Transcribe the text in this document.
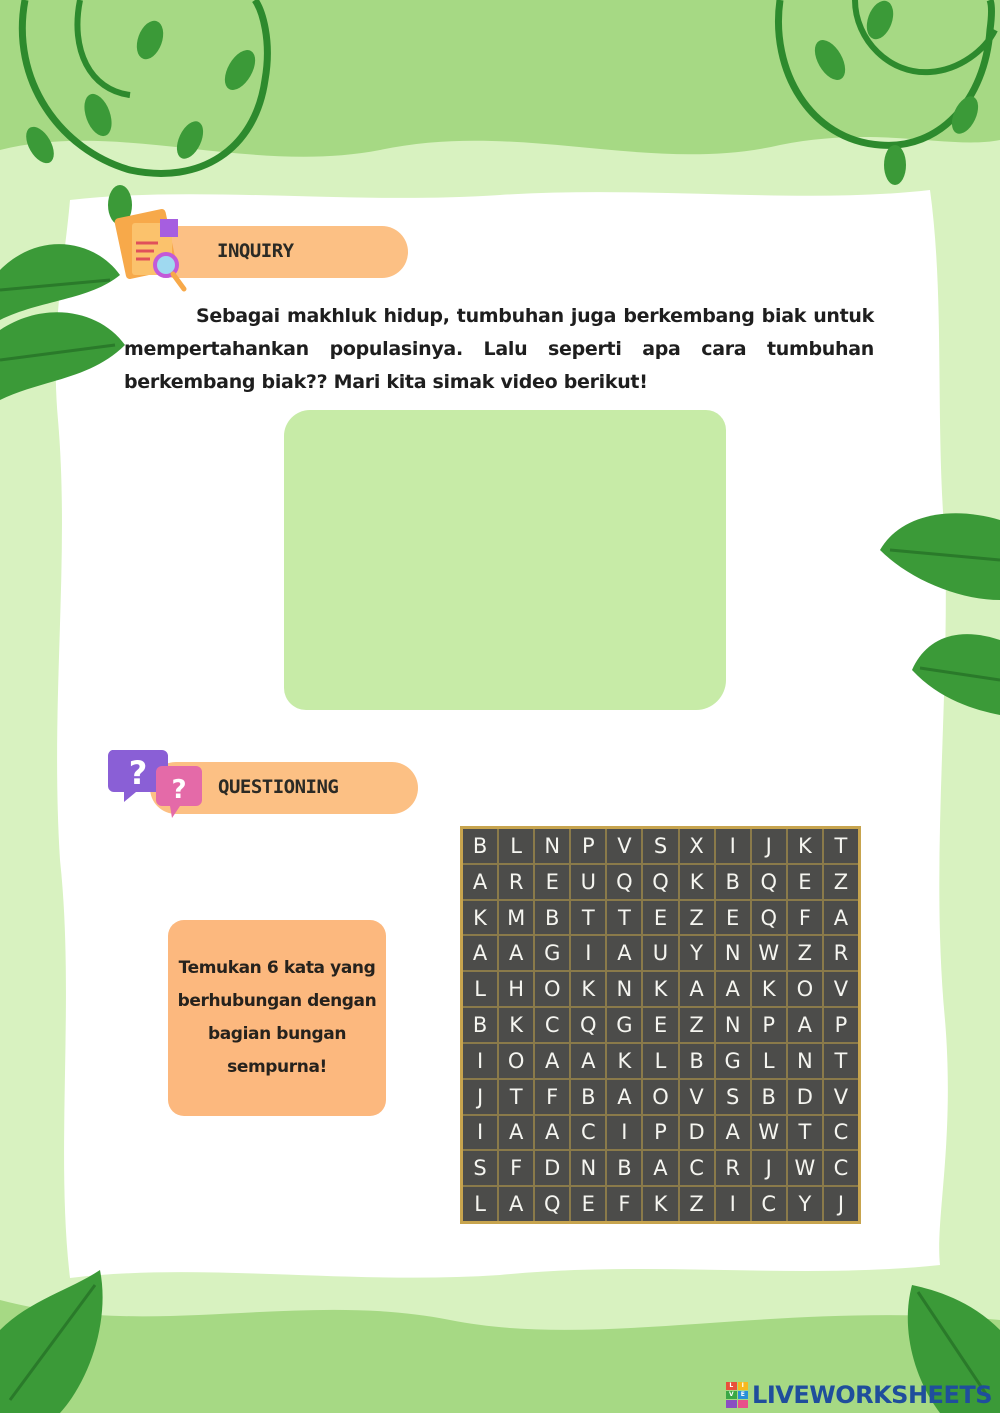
INQUIRY
Sebagai makhluk hidup, tumbuhan juga berkembang biak untuk mempertahankan populasinya. Lalu seperti apa cara tumbuhan berkembang biak?? Mari kita simak video berikut!
? ? QUESTIONING
Temukan 6 kata yang berhubungan dengan bagian bungan sempurna!
B	L	N	P	V	S	X	I	J	K	T
A	R	E	U Q Q K	B Q	E	Z
K M B	T	T	E	Z	E	Q	F	A
A	A G	I	A	U	Y	N W Z	R
L	H O K	N	K	A	A	K O V
B	K	C Q G	E	Z	N	P	A	P
I	O A	A	K	L	B G	L	N	T
J	T	F	B	A O V	S	B D V
I	A	A	C	I	P	D A W T	C
S	F	D N	B	A	C	R	J	W C
L	A Q	E	F	K	Z	I	C	Y	J
L	I
V	E LIVEWORKSHEETS
